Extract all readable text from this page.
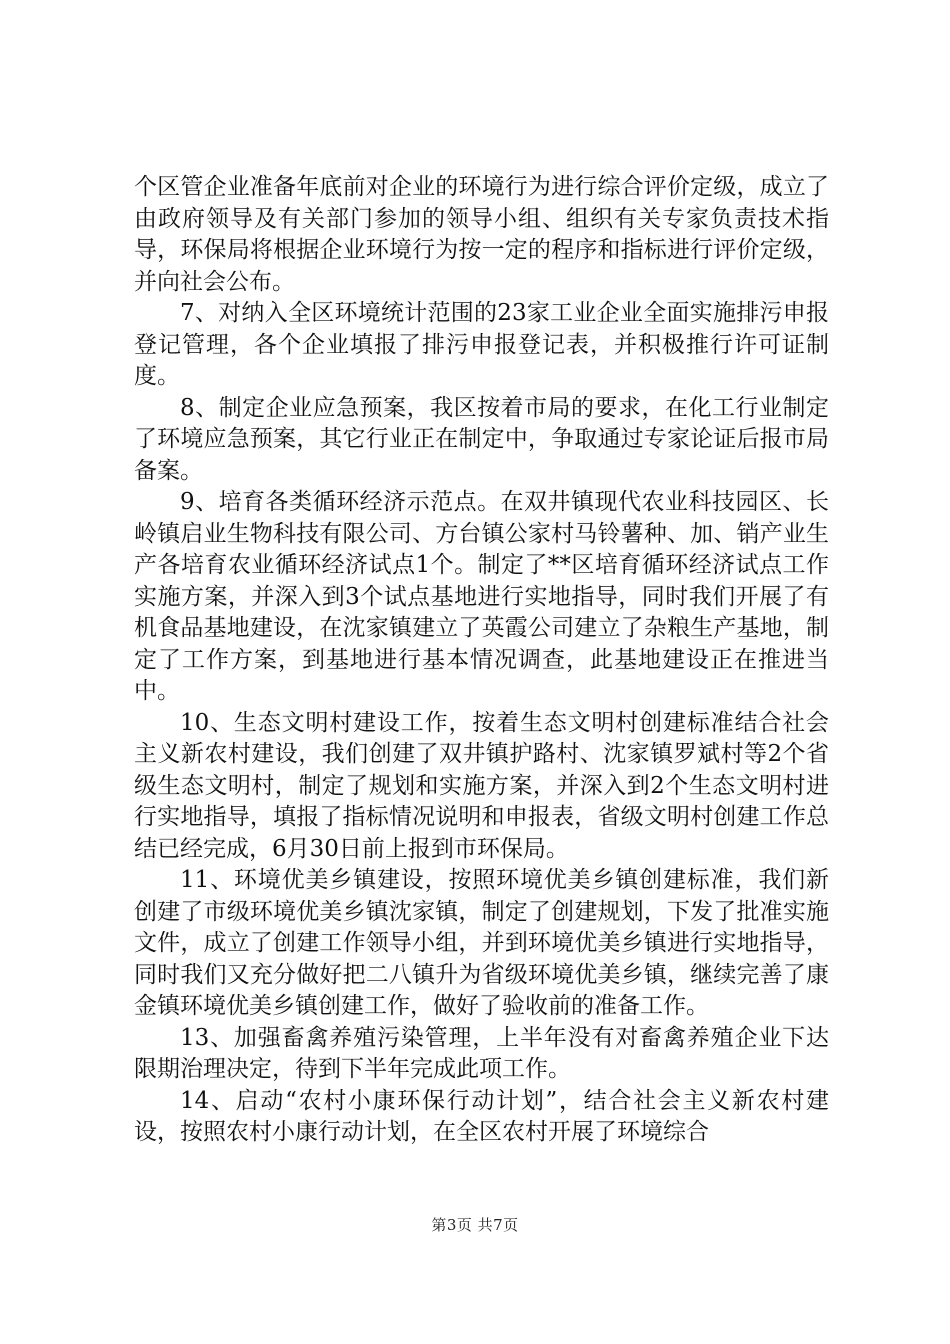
个区管企业准备年底前对企业的环境行为进行综合评价定级，成立了由政府领导及有关部门参加的领导小组、组织有关专家负责技术指导，环保局将根据企业环境行为按一定的程序和指标进行评价定级，并向社会公布。

7、对纳入全区环境统计范围的23家工业企业全面实施排污申报登记管理，各个企业填报了排污申报登记表，并积极推行许可证制度。

8、制定企业应急预案，我区按着市局的要求，在化工行业制定了环境应急预案，其它行业正在制定中，争取通过专家论证后报市局备案。

9、培育各类循环经济示范点。在双井镇现代农业科技园区、长岭镇启业生物科技有限公司、方台镇公家村马铃薯种、加、销产业生产各培育农业循环经济试点1个。制定了**区培育循环经济试点工作实施方案，并深入到3个试点基地进行实地指导，同时我们开展了有机食品基地建设，在沈家镇建立了英霞公司建立了杂粮生产基地，制定了工作方案，到基地进行基本情况调查，此基地建设正在推进当中。

10、生态文明村建设工作，按着生态文明村创建标准结合社会主义新农村建设，我们创建了双井镇护路村、沈家镇罗斌村等2个省级生态文明村，制定了规划和实施方案，并深入到2个生态文明村进行实地指导，填报了指标情况说明和申报表，省级文明村创建工作总结已经完成，6月30日前上报到市环保局。

11、环境优美乡镇建设，按照环境优美乡镇创建标准，我们新创建了市级环境优美乡镇沈家镇，制定了创建规划，下发了批准实施文件，成立了创建工作领导小组，并到环境优美乡镇进行实地指导，同时我们又充分做好把二八镇升为省级环境优美乡镇，继续完善了康金镇环境优美乡镇创建工作，做好了验收前的准备工作。

13、加强畜禽养殖污染管理，上半年没有对畜禽养殖企业下达限期治理决定，待到下半年完成此项工作。

14、启动“农村小康环保行动计划”，结合社会主义新农村建设，按照农村小康行动计划，在全区农村开展了环境综合

第3页 共7页
